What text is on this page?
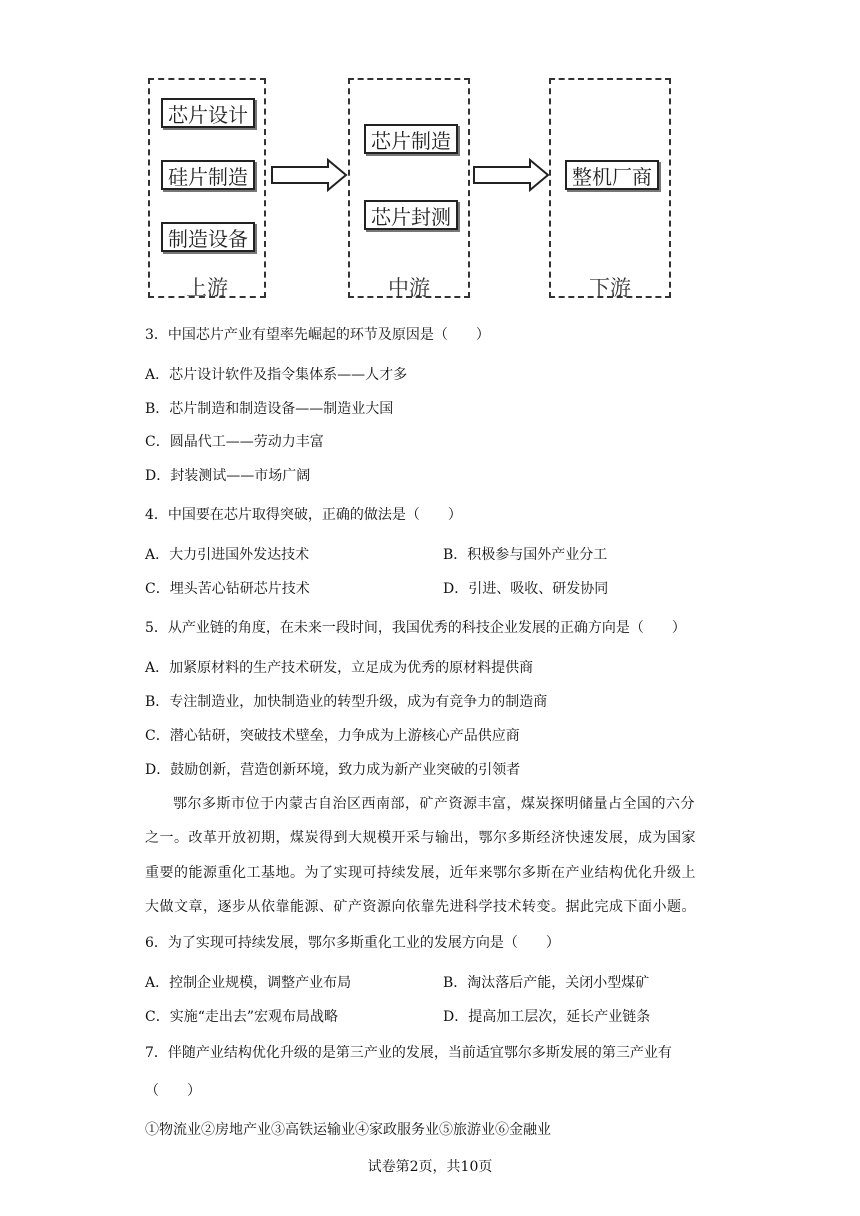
芯片设计
硅片制造
制造设备
上游
芯片制造
芯片封测
中游
整机厂商
下游
3．中国芯片产业有望率先崛起的环节及原因是（　　）
A．芯片设计软件及指令集体系——人才多
B．芯片制造和制造设备——制造业大国
C．圆晶代工——劳动力丰富
D．封装测试——市场广阔
4．中国要在芯片取得突破，正确的做法是（　　）
A．大力引进国外发达技术	B．积极参与国外产业分工
C．埋头苦心钻研芯片技术	D．引进、吸收、研发协同
5．从产业链的角度，在未来一段时间，我国优秀的科技企业发展的正确方向是（　　）
A．加紧原材料的生产技术研发，立足成为优秀的原材料提供商
B．专注制造业，加快制造业的转型升级，成为有竞争力的制造商
C．潜心钻研，突破技术壁垒，力争成为上游核心产品供应商
D．鼓励创新，营造创新环境，致力成为新产业突破的引领者
鄂尔多斯市位于内蒙古自治区西南部，矿产资源丰富，煤炭探明储量占全国的六分
之一。改革开放初期，煤炭得到大规模开采与输出，鄂尔多斯经济快速发展，成为国家
重要的能源重化工基地。为了实现可持续发展，近年来鄂尔多斯在产业结构优化升级上
大做文章，逐步从依靠能源、矿产资源向依靠先进科学技术转变。据此完成下面小题。
6．为了实现可持续发展，鄂尔多斯重化工业的发展方向是（　　）
A．控制企业规模，调整产业布局	B．淘汰落后产能，关闭小型煤矿
C．实施“走出去”宏观布局战略	D．提高加工层次，延长产业链条
7．伴随产业结构优化升级的是第三产业的发展，当前适宜鄂尔多斯发展的第三产业有
（　　）
①物流业②房地产业③高铁运输业④家政服务业⑤旅游业⑥金融业
试卷第2页，共10页
